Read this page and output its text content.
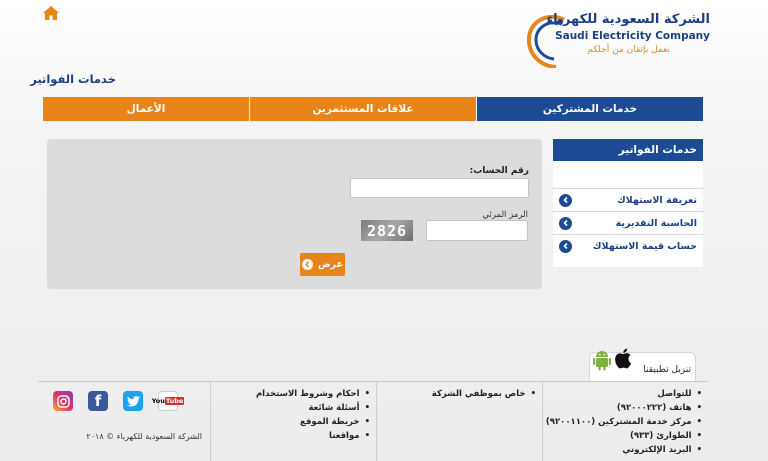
الشركة السعودية للكهرباء
Saudi Electricity Company
نعمل بإتقان من أجلكم
خدمات الفواتير
الأعمال	علاقات المستثمرين	خدمات المشتركين
رقم الحساب:
الرمز المرئي
2826
عرض
خدمات الفواتير
تعريفة الاستهلاك
الحاسبة التقديرية
حساب قيمة الاستهلاك
تنزيل تطبيقنا
• للتواصل
• هاتف (٩٢٠٠٠٢٢٢)
• مركز خدمة المشتركين (٩٢٠٠١١٠٠)
• الطوارئ (٩٣٣)
• البريد الإلكتروني
• خاص بموظفي الشركة
• احكام وشروط الاستخدام
• أسئلة شائعة
• خريطة الموقع
• مواقعنا
YouTube
f
الشركة السعودية للكهرباء © ٢٠١٨
